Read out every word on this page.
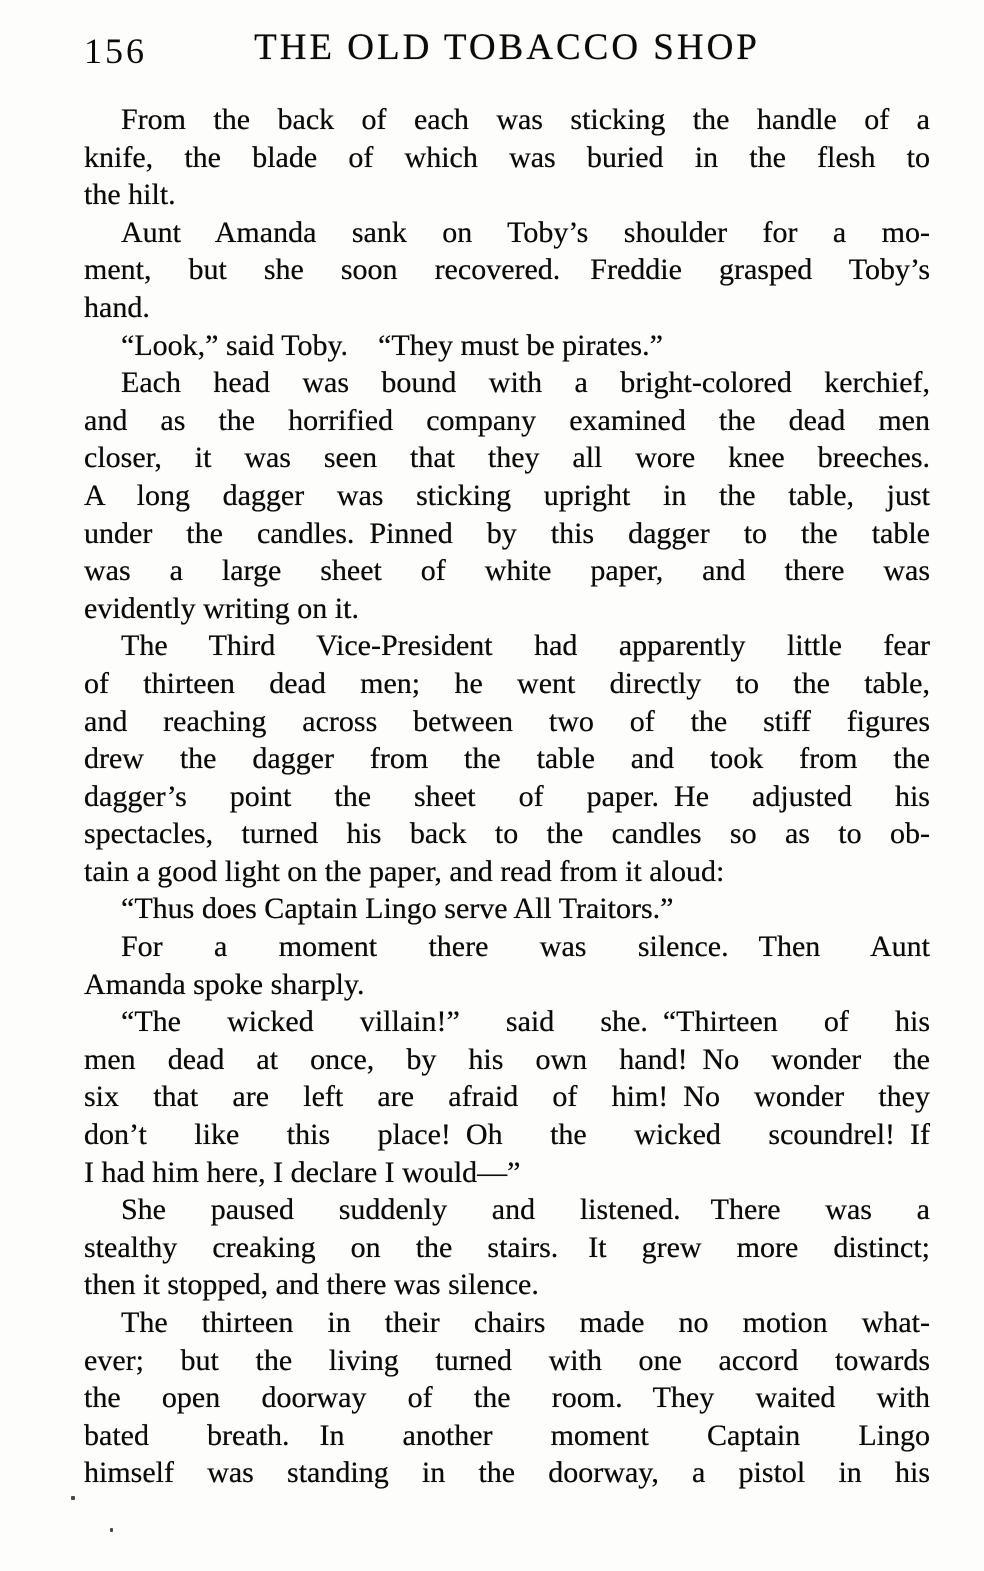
156	THE OLD TOBACCO SHOP
From the back of each was sticking the handle of a
knife, the blade of which was buried in the flesh to
the hilt.
Aunt Amanda sank on Toby’s shoulder for a mo-
ment, but she soon recovered. Freddie grasped Toby’s
hand.
“Look,” said Toby. “They must be pirates.”
Each head was bound with a bright-colored kerchief,
and as the horrified company examined the dead men
closer, it was seen that they all wore knee breeches.
A long dagger was sticking upright in the table, just
under the candles. Pinned by this dagger to the table
was a large sheet of white paper, and there was
evidently writing on it.
The Third Vice-President had apparently little fear
of thirteen dead men; he went directly to the table,
and reaching across between two of the stiff figures
drew the dagger from the table and took from the
dagger’s point the sheet of paper. He adjusted his
spectacles, turned his back to the candles so as to ob-
tain a good light on the paper, and read from it aloud:
“Thus does Captain Lingo serve All Traitors.”
For a moment there was silence. Then Aunt
Amanda spoke sharply.
“The wicked villain!” said she. “Thirteen of his
men dead at once, by his own hand! No wonder the
six that are left are afraid of him! No wonder they
don’t like this place! Oh the wicked scoundrel! If
I had him here, I declare I would—”
She paused suddenly and listened. There was a
stealthy creaking on the stairs. It grew more distinct;
then it stopped, and there was silence.
The thirteen in their chairs made no motion what-
ever; but the living turned with one accord towards
the open doorway of the room. They waited with
bated breath. In another moment Captain Lingo
himself was standing in the doorway, a pistol in his
